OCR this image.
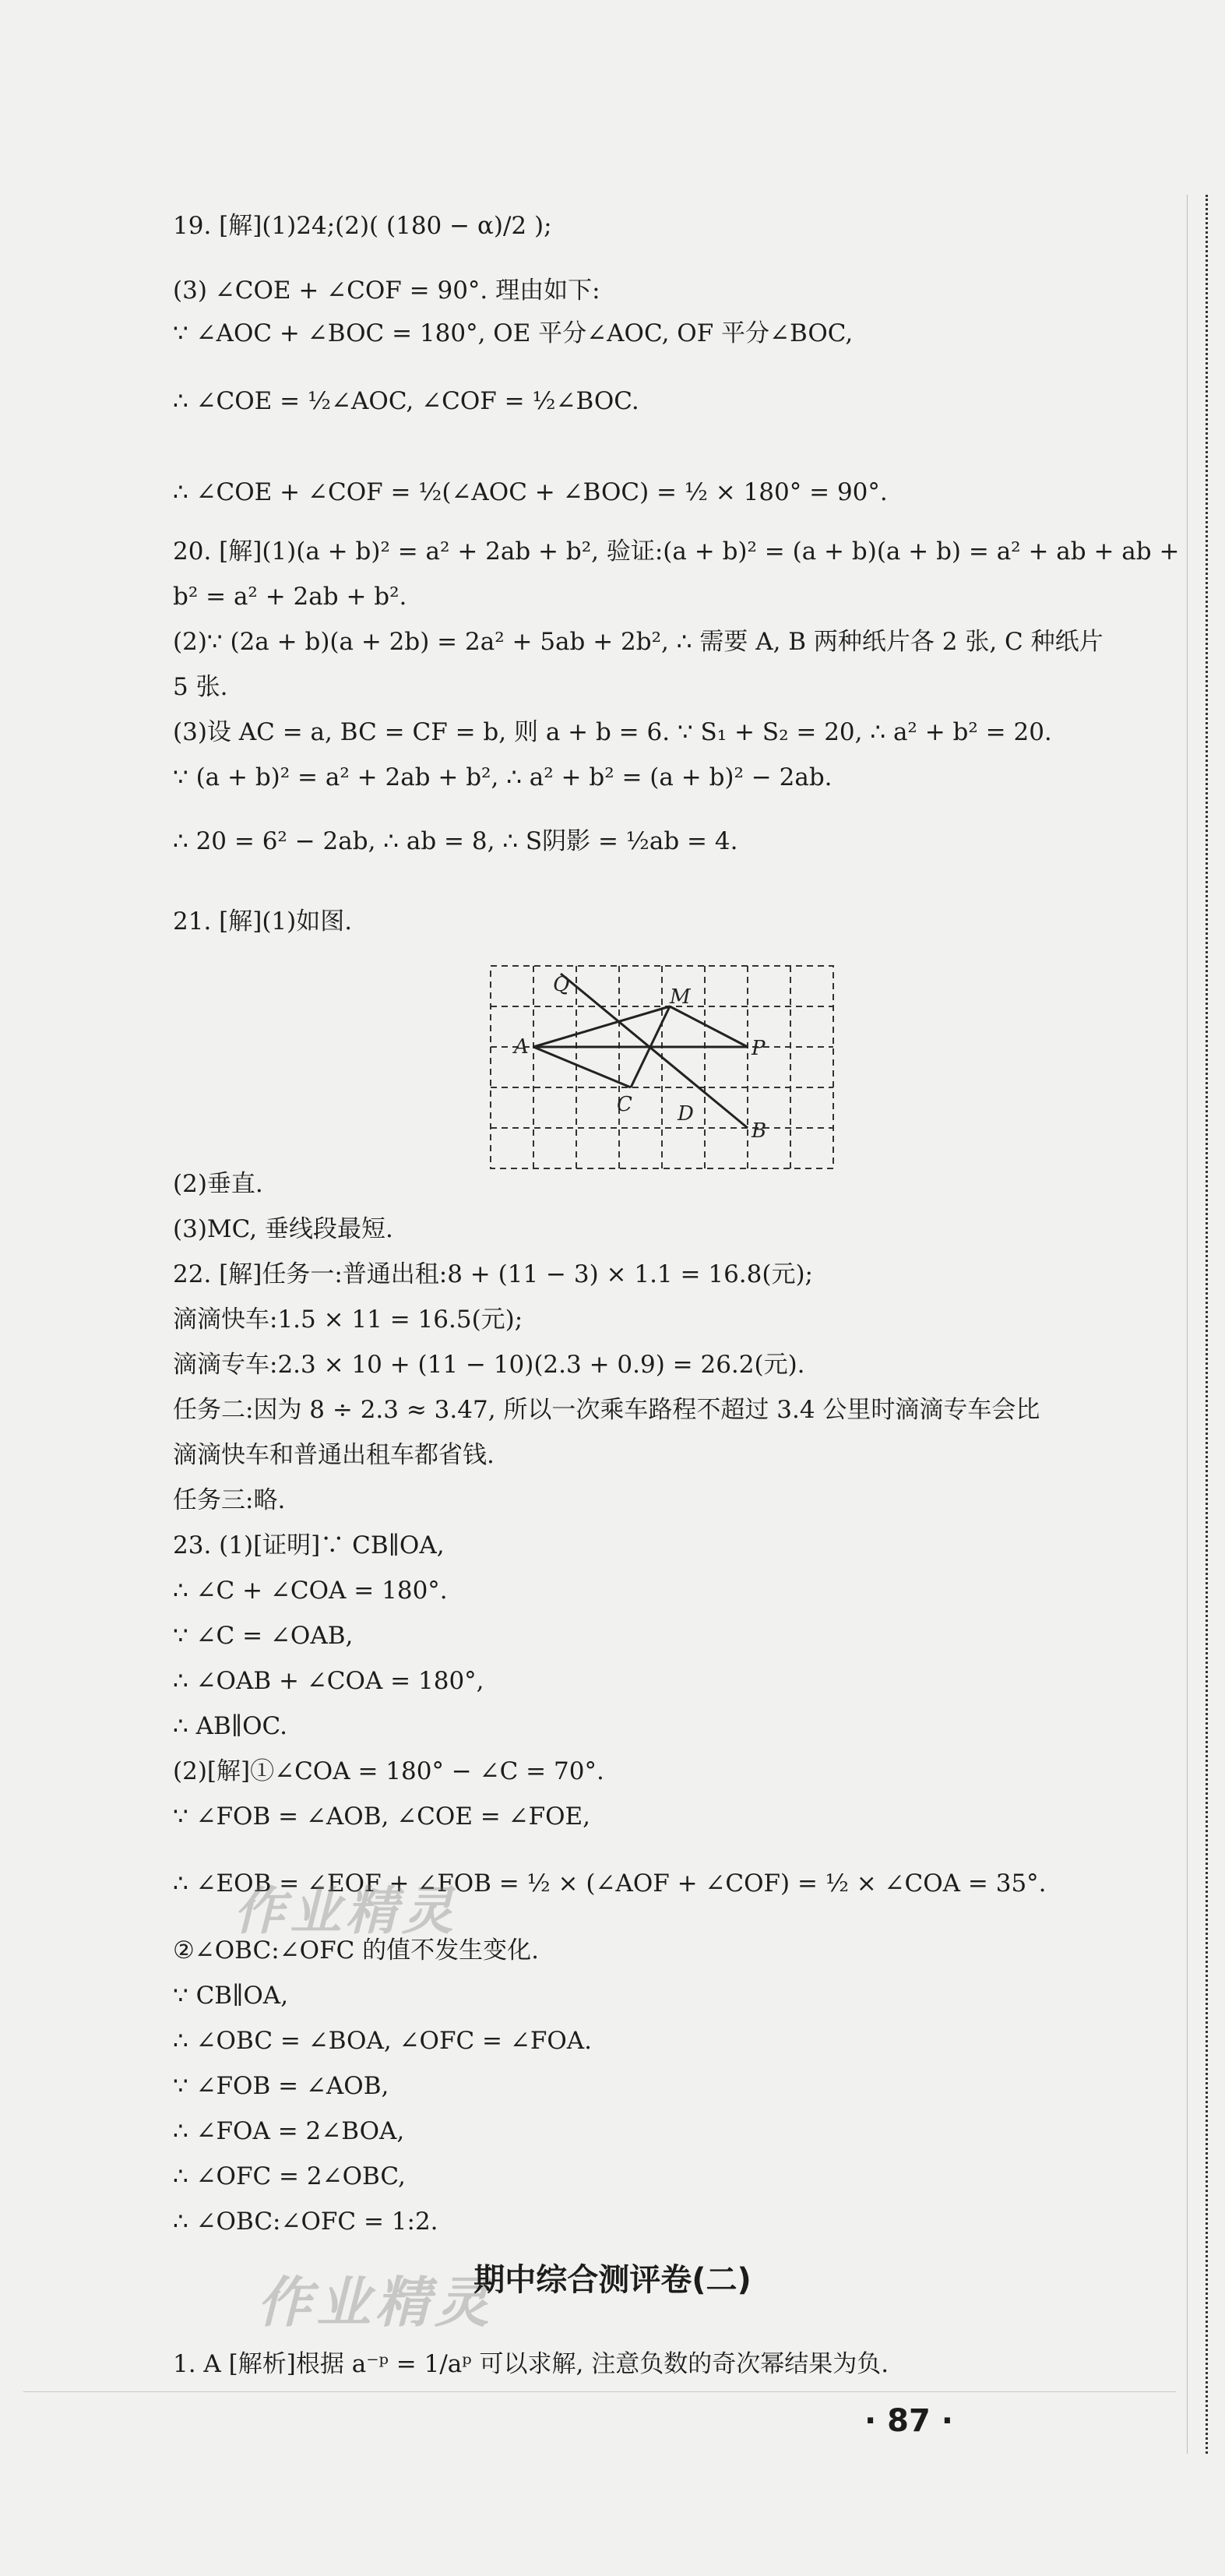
19. [解](1)24;(2)( (180 − α)/2 );
(3) ∠COE + ∠COF = 90°. 理由如下:
∵ ∠AOC + ∠BOC = 180°, OE 平分∠AOC, OF 平分∠BOC,
∴ ∠COE = ½∠AOC, ∠COF = ½∠BOC.
∴ ∠COE + ∠COF = ½(∠AOC + ∠BOC) = ½ × 180° = 90°.
20. [解](1)(a + b)² = a² + 2ab + b², 验证:(a + b)² = (a + b)(a + b) = a² + ab + ab +
b² = a² + 2ab + b².
(2)∵ (2a + b)(a + 2b) = 2a² + 5ab + 2b², ∴ 需要 A, B 两种纸片各 2 张, C 种纸片
5 张.
(3)设 AC = a, BC = CF = b, 则 a + b = 6. ∵ S₁ + S₂ = 20, ∴ a² + b² = 20.
∵ (a + b)² = a² + 2ab + b², ∴ a² + b² = (a + b)² − 2ab.
∴ 20 = 6² − 2ab, ∴ ab = 8, ∴ S阴影 = ½ab = 4.
21. [解](1)如图.
(2)垂直.
(3)MC, 垂线段最短.
22. [解]任务一:普通出租:8 + (11 − 3) × 1.1 = 16.8(元);
滴滴快车:1.5 × 11 = 16.5(元);
滴滴专车:2.3 × 10 + (11 − 10)(2.3 + 0.9) = 26.2(元).
任务二:因为 8 ÷ 2.3 ≈ 3.47, 所以一次乘车路程不超过 3.4 公里时滴滴专车会比
滴滴快车和普通出租车都省钱.
任务三:略.
23. (1)[证明]∵ CB∥OA,
∴ ∠C + ∠COA = 180°.
∵ ∠C = ∠OAB,
∴ ∠OAB + ∠COA = 180°,
∴ AB∥OC.
(2)[解]①∠COA = 180° − ∠C = 70°.
∵ ∠FOB = ∠AOB, ∠COE = ∠FOE,
∴ ∠EOB = ∠EOF + ∠FOB = ½ × (∠AOF + ∠COF) = ½ × ∠COA = 35°.
②∠OBC:∠OFC 的值不发生变化.
∵ CB∥OA,
∴ ∠OBC = ∠BOA, ∠OFC = ∠FOA.
∵ ∠FOB = ∠AOB,
∴ ∠FOA = 2∠BOA,
∴ ∠OFC = 2∠OBC,
∴ ∠OBC:∠OFC = 1:2.
1. A [解析]根据 a⁻ᵖ = 1/aᵖ 可以求解, 注意负数的奇次幂结果为负.
Q
M
A	P
C D
B
作业精灵
作业精灵
期中综合测评卷(二)
· 87 ·
